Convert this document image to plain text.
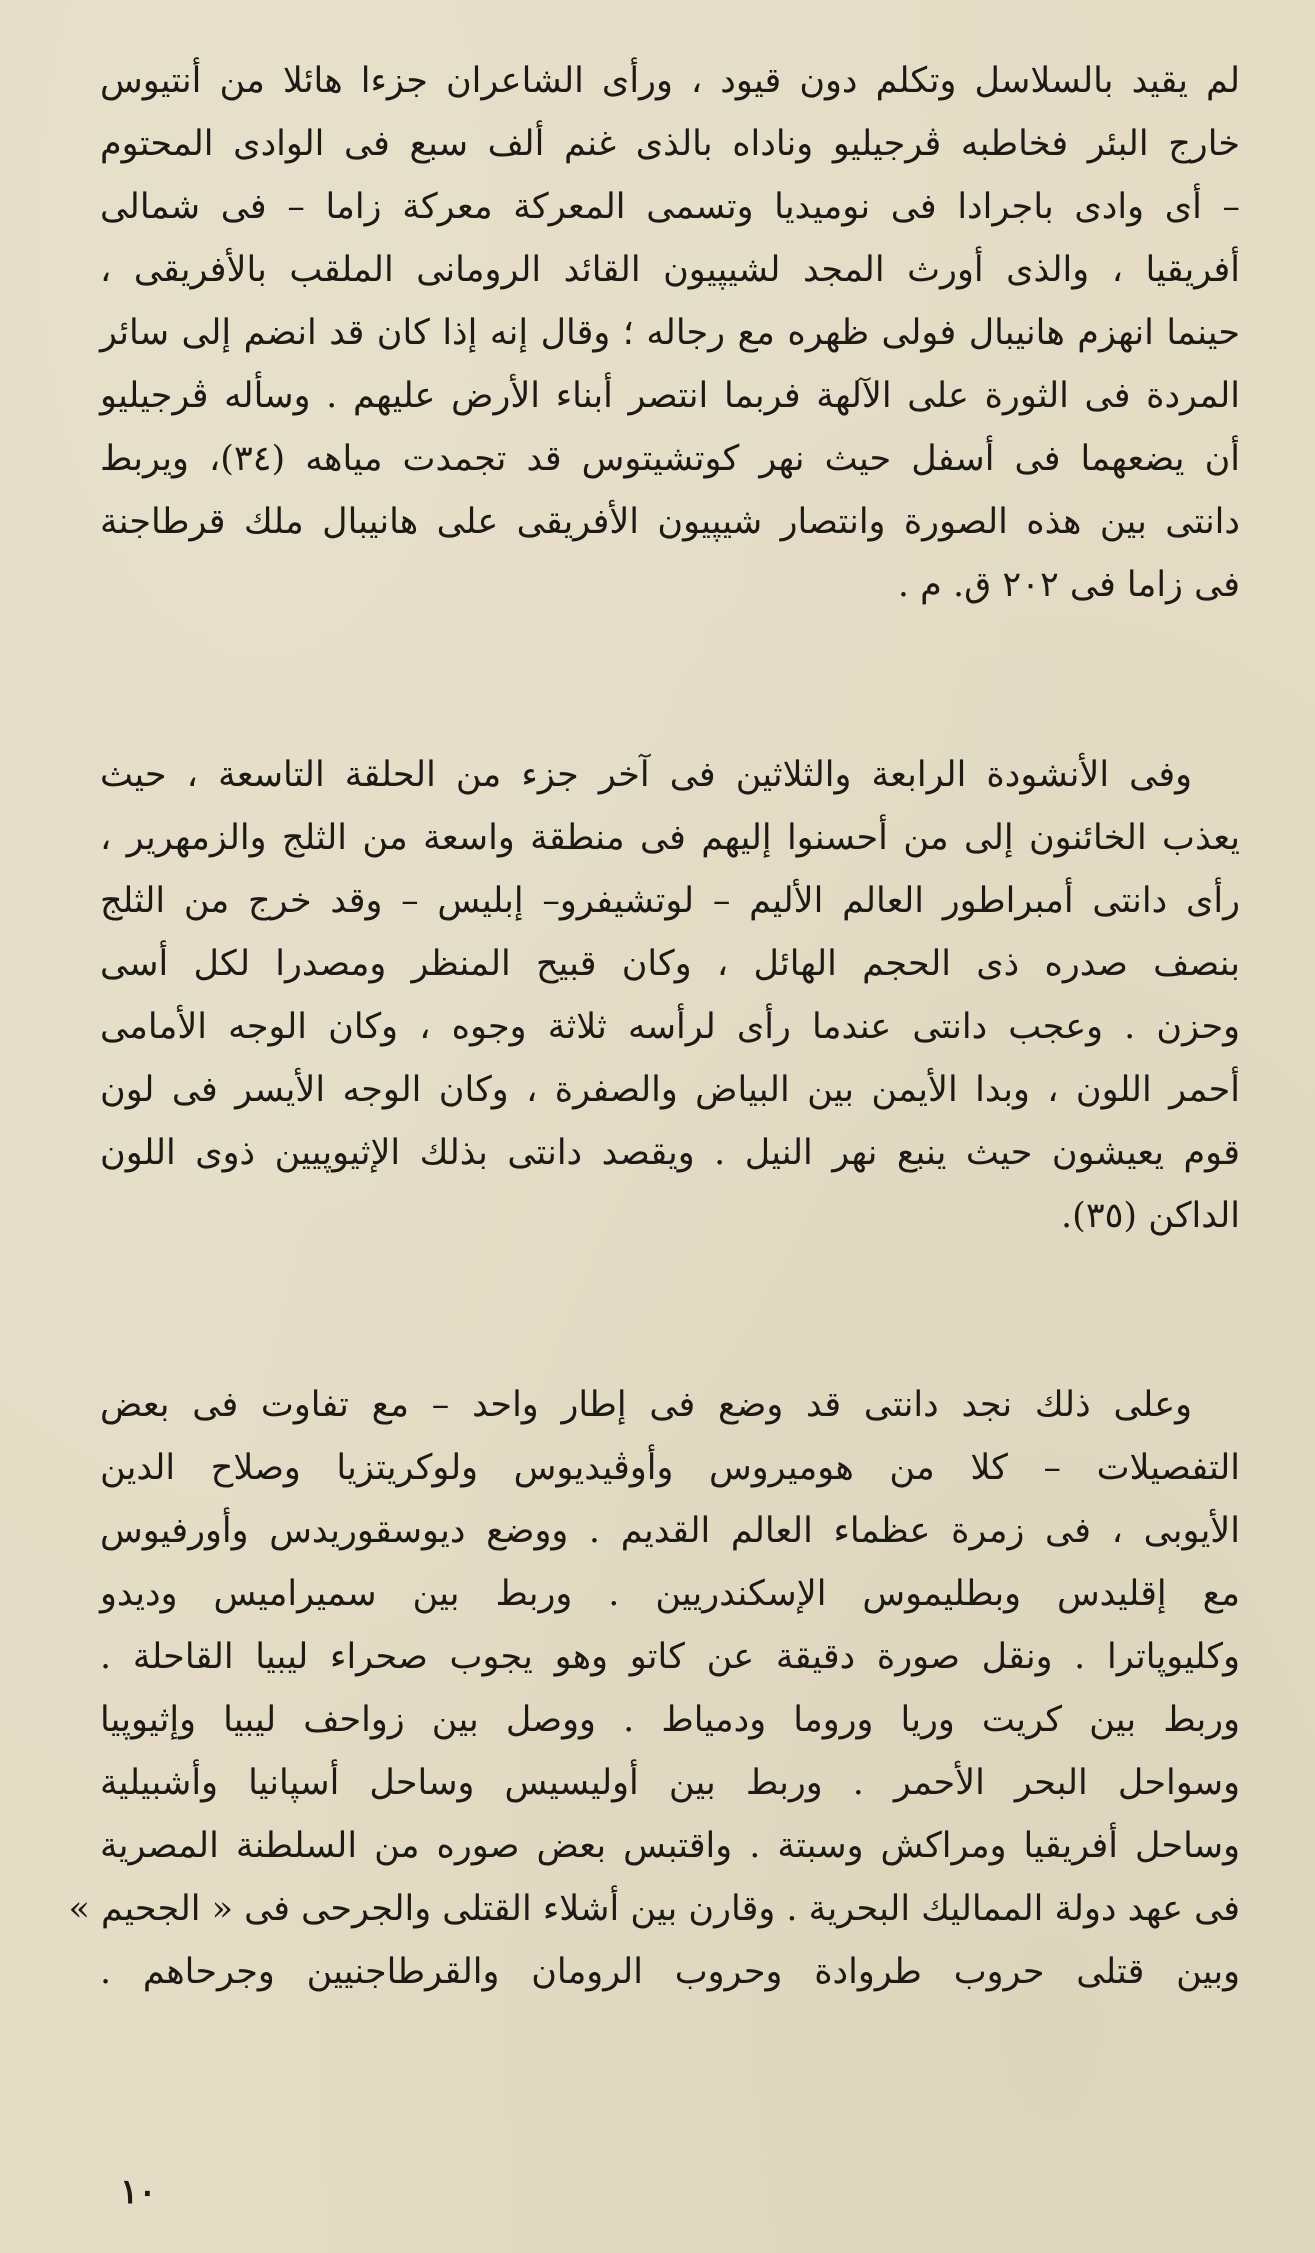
لم يقيد بالسلاسل وتكلم دون قيود ، ورأى الشاعران جزءا هائلا من أنتيوس
خارج البئر فخاطبه ڤرجيليو وناداه بالذى غنم ألف سبع فى الوادى المحتوم
– أى وادى باجرادا فى نوميديا وتسمى المعركة معركة زاما – فى شمالى
أفريقيا ، والذى أورث المجد لشيپيون القائد الرومانى الملقب بالأفريقى ،
حينما انهزم هانيبال فولى ظهره مع رجاله ؛ وقال إنه إذا كان قد انضم إلى سائر
المردة فى الثورة على الآلهة فربما انتصر أبناء الأرض عليهم . وسأله ڤرجيليو
أن يضعهما فى أسفل حيث نهر كوتشيتوس قد تجمدت مياهه (٣٤)، ويربط
دانتى بين هذه الصورة وانتصار شيپيون الأفريقى على هانيبال ملك قرطاجنة
فى زاما فى ٢٠٢ ق. م .

وفى الأنشودة الرابعة والثلاثين فى آخر جزء من الحلقة التاسعة ، حيث
يعذب الخائنون إلى من أحسنوا إليهم فى منطقة واسعة من الثلج والزمهرير ،
رأى دانتى أمبراطور العالم الأليم – لوتشيفرو– إبليس – وقد خرج من الثلج
بنصف صدره ذى الحجم الهائل ، وكان قبيح المنظر ومصدرا لكل أسى
وحزن . وعجب دانتى عندما رأى لرأسه ثلاثة وجوه ، وكان الوجه الأمامى
أحمر اللون ، وبدا الأيمن بين البياض والصفرة ، وكان الوجه الأيسر فى لون
قوم يعيشون حيث ينبع نهر النيل . ويقصد دانتى بذلك الإثيوپيين ذوى اللون
الداكن (٣٥).

وعلى ذلك نجد دانتى قد وضع فى إطار واحد – مع تفاوت فى بعض
التفصيلات – كلا من هوميروس وأوڤيديوس ولوكريتزيا وصلاح الدين
الأيوبى ، فى زمرة عظماء العالم القديم . ووضع ديوسقوريدس وأورفيوس
مع إقليدس وبطليموس الإسكندريين . وربط بين سميراميس وديدو
وكليوپاترا . ونقل صورة دقيقة عن كاتو وهو يجوب صحراء ليبيا القاحلة .
وربط بين كريت وريا وروما ودمياط . ووصل بين زواحف ليبيا وإثيوپيا
وسواحل البحر الأحمر . وربط بين أوليسيس وساحل أسپانيا وأشبيلية
وساحل أفريقيا ومراكش وسبتة . واقتبس بعض صوره من السلطنة المصرية
فى عهد دولة المماليك البحرية . وقارن بين أشلاء القتلى والجرحى فى « الجحيم »
وبين قتلى حروب طروادة وحروب الرومان والقرطاجنيين وجرحاهم .

١٠
